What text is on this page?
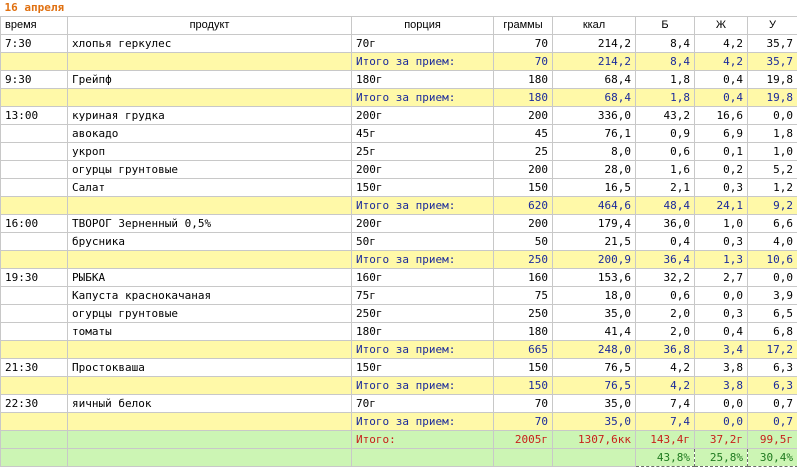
16 апреля							
время	продукт	порция	граммы	ккал	Б	Ж	У
7:30	хлопья геркулес	70г	70	214,2	8,4	4,2	35,7
		Итого за прием:	70	214,2	8,4	4,2	35,7
9:30	Грейпф	180г	180	68,4	1,8	0,4	19,8
		Итого за прием:	180	68,4	1,8	0,4	19,8
13:00	куриная грудка	200г	200	336,0	43,2	16,6	0,0
	авокадо	45г	45	76,1	0,9	6,9	1,8
	укроп	25г	25	8,0	0,6	0,1	1,0
	огурцы грунтовые	200г	200	28,0	1,6	0,2	5,2
	Салат	150г	150	16,5	2,1	0,3	1,2
		Итого за прием:	620	464,6	48,4	24,1	9,2
16:00	ТВОРОГ Зерненный 0,5%	200г	200	179,4	36,0	1,0	6,6
	брусника	50г	50	21,5	0,4	0,3	4,0
		Итого за прием:	250	200,9	36,4	1,3	10,6
19:30	РЫБКА	160г	160	153,6	32,2	2,7	0,0
	Капуста краснокачаная	75г	75	18,0	0,6	0,0	3,9
	огурцы грунтовые	250г	250	35,0	2,0	0,3	6,5
	томаты	180г	180	41,4	2,0	0,4	6,8
		Итого за прием:	665	248,0	36,8	3,4	17,2
21:30	Простокваша	150г	150	76,5	4,2	3,8	6,3
		Итого за прием:	150	76,5	4,2	3,8	6,3
22:30	яичный белок	70г	70	35,0	7,4	0,0	0,7
		Итого за прием:	70	35,0	7,4	0,0	0,7
		Итого:	2005г	1307,6кк	143,4г	37,2г	99,5г
					43,8%	25,8%	30,4%
